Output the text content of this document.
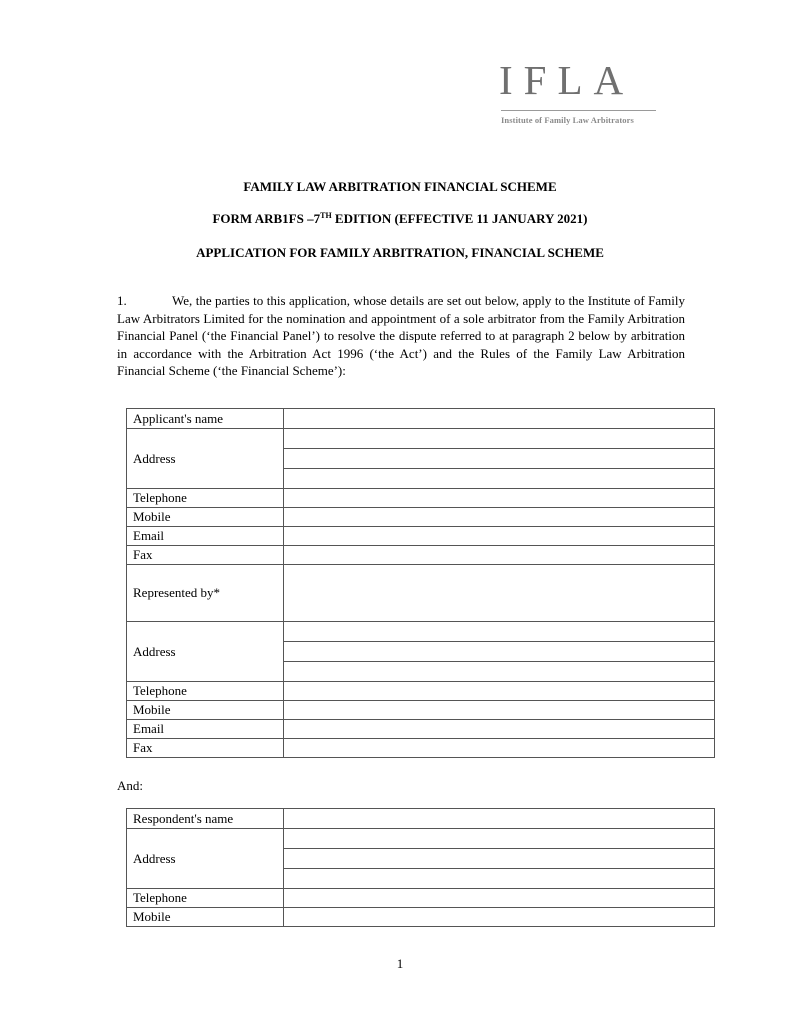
IFLA
Institute of Family Law Arbitrators
FAMILY LAW ARBITRATION FINANCIAL SCHEME
FORM ARB1FS –7TH EDITION (EFFECTIVE 11 JANUARY 2021)
APPLICATION FOR FAMILY ARBITRATION, FINANCIAL SCHEME
1.	We, the parties to this application, whose details are set out below, apply to the Institute of Family Law Arbitrators Limited for the nomination and appointment of a sole arbitrator from the Family Arbitration Financial Panel (‘the Financial Panel’) to resolve the dispute referred to at paragraph 2 below by arbitration in accordance with the Arbitration Act 1996 (‘the Act’) and the Rules of the Family Law Arbitration Financial Scheme (‘the Financial Scheme’):
Applicant's name	
Address	

Telephone	
Mobile	
Email	
Fax	
Represented by*	
Address	

Telephone	
Mobile	
Email	
Fax	
And:
Respondent's name	
Address	

Telephone	
Mobile	
1
